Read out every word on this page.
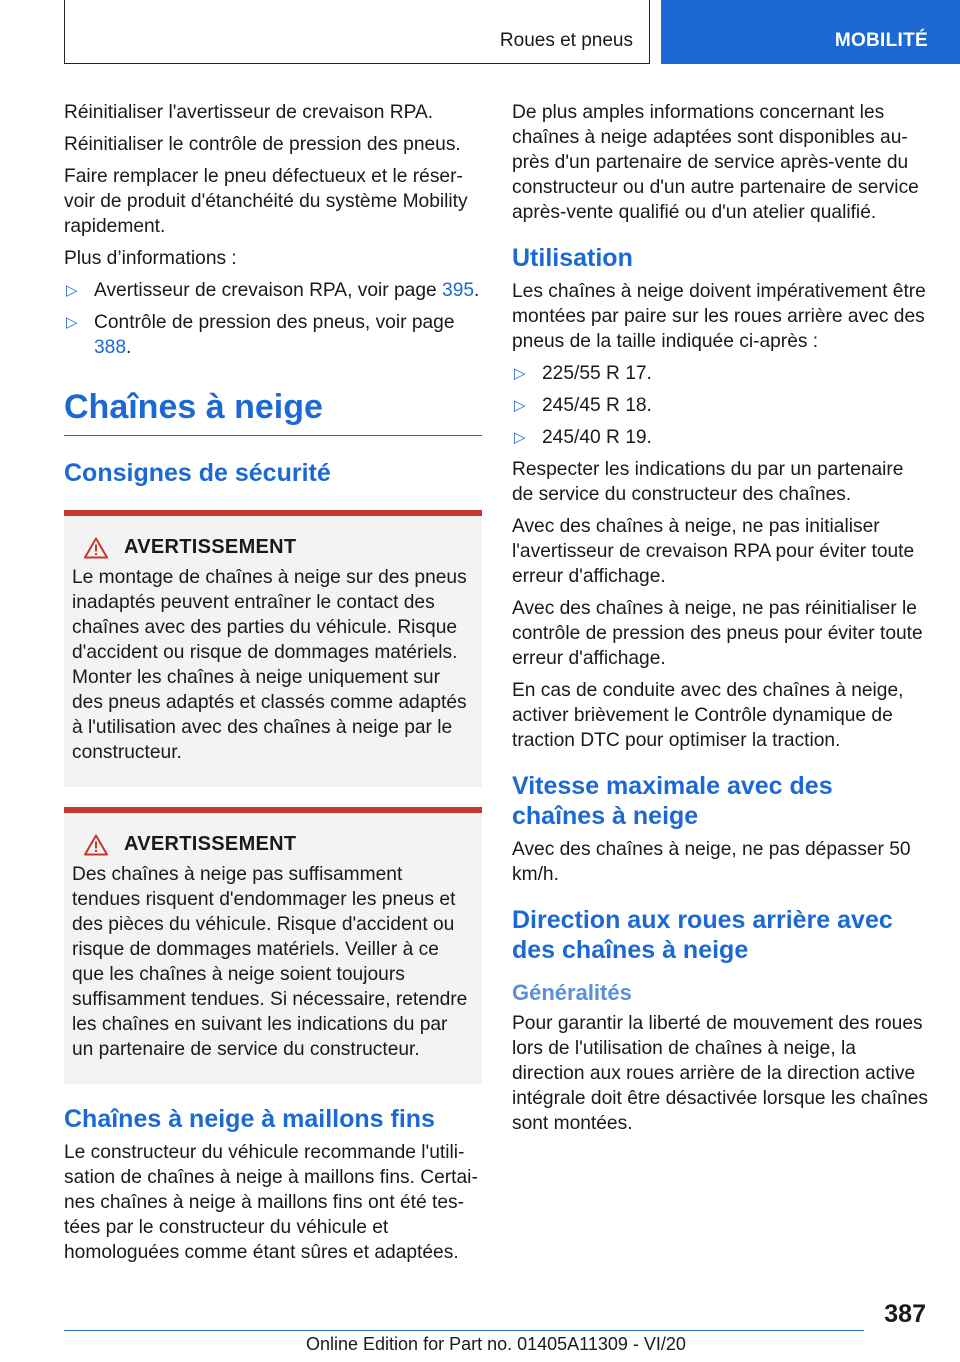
Roues et pneus	MOBILITÉ

Réinitialiser l'avertisseur de crevaison RPA.

Réinitialiser le contrôle de pression des pneus.

Faire remplacer le pneu défectueux et le réservoir de produit d'étanchéité du système Mobility rapidement.

Plus d’informations :

▷ Avertisseur de crevaison RPA, voir page 395.
▷ Contrôle de pression des pneus, voir page 388.
Chaînes à neige
Consignes de sécurité
AVERTISSEMENT

Le montage de chaînes à neige sur des pneus inadaptés peuvent entraîner le contact des chaînes avec des parties du véhicule. Risque d'accident ou risque de dommages matériels. Monter les chaînes à neige uniquement sur des pneus adaptés et classés comme adaptés à l'utilisation avec des chaînes à neige par le constructeur.

AVERTISSEMENT

Des chaînes à neige pas suffisamment tendues risquent d'endommager les pneus et des pièces du véhicule. Risque d'accident ou risque de dommages matériels. Veiller à ce que les chaînes à neige soient toujours suffisamment tendues. Si nécessaire, retendre les chaînes en suivant les indications du par un partenaire de service du constructeur.

Chaînes à neige à maillons fins

Le constructeur du véhicule recommande l'utilisation de chaînes à neige à maillons fins. Certaines chaînes à neige à maillons fins ont été testées par le constructeur du véhicule et homologuées comme étant sûres et adaptées.

De plus amples informations concernant les chaînes à neige adaptées sont disponibles auprès d'un partenaire de service après-vente du constructeur ou d'un autre partenaire de service après-vente qualifié ou d'un atelier qualifié.

Utilisation

Les chaînes à neige doivent impérativement être montées par paire sur les roues arrière avec des pneus de la taille indiquée ci-après :

▷ 225/55 R 17.
▷ 245/45 R 18.
▷ 245/40 R 19.

Respecter les indications du par un partenaire de service du constructeur des chaînes.

Avec des chaînes à neige, ne pas initialiser l'avertisseur de crevaison RPA pour éviter toute erreur d'affichage.

Avec des chaînes à neige, ne pas réinitialiser le contrôle de pression des pneus pour éviter toute erreur d'affichage.

En cas de conduite avec des chaînes à neige, activer brièvement le Contrôle dynamique de traction DTC pour optimiser la traction.

Vitesse maximale avec des chaînes à neige

Avec des chaînes à neige, ne pas dépasser 50 km/h.

Direction aux roues arrière avec des chaînes à neige
Généralités

Pour garantir la liberté de mouvement des roues lors de l'utilisation de chaînes à neige, la direction aux roues arrière de la direction active intégrale doit être désactivée lorsque les chaînes sont montées.

387
Online Edition for Part no. 01405A11309 - VI/20
